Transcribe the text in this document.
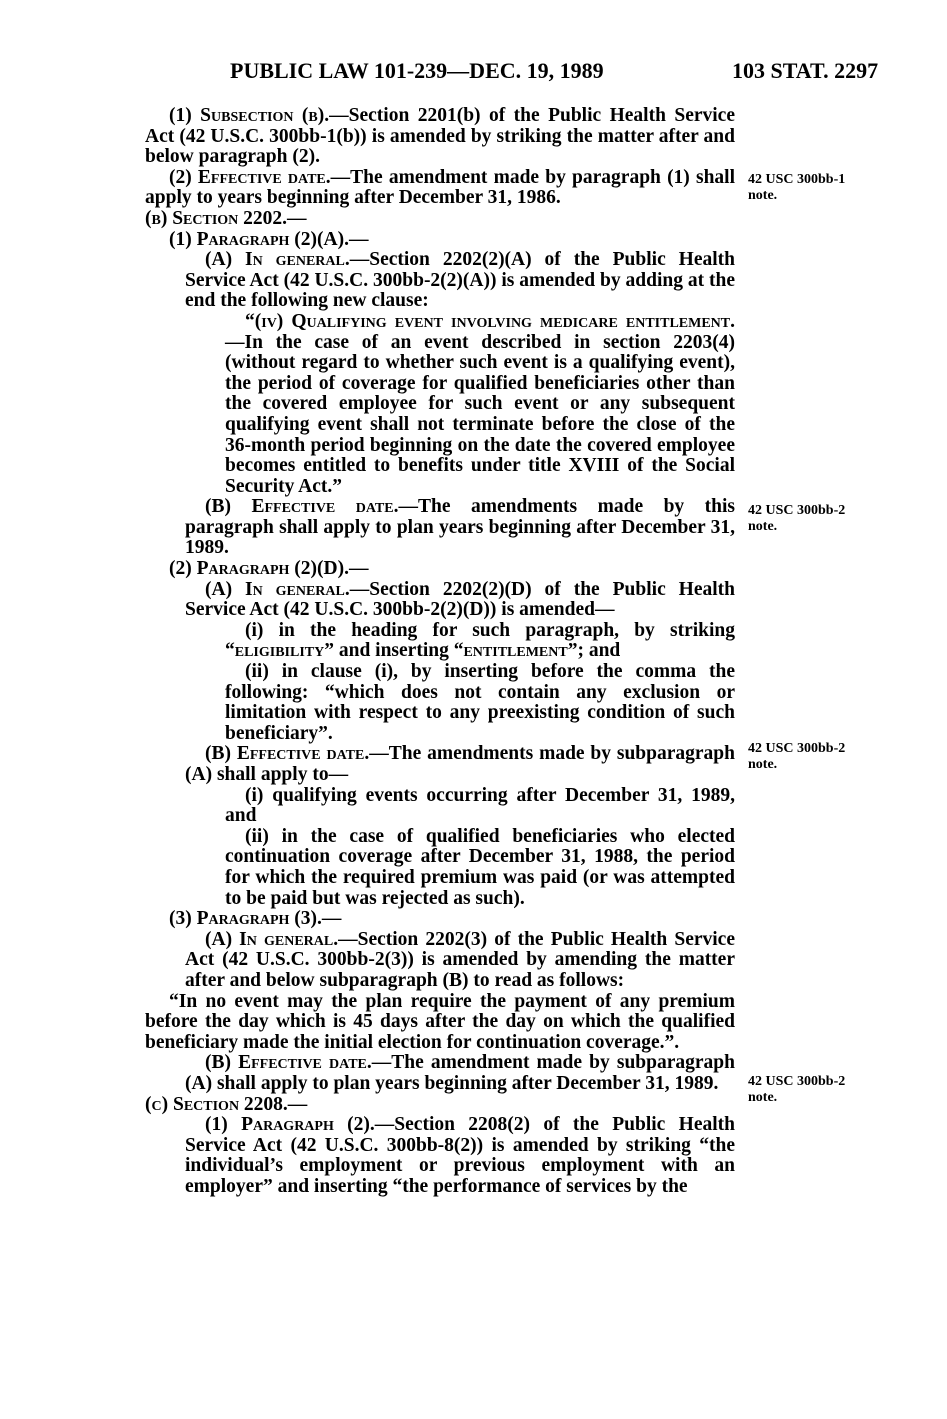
PUBLIC LAW 101-239—DEC. 19, 1989	103 STAT. 2297

(1) Subsection (b).—Section 2201(b) of the Public Health Service Act (42 U.S.C. 300bb-1(b)) is amended by striking the matter after and below paragraph (2).

(2) Effective date.—The amendment made by paragraph (1) shall apply to years beginning after December 31, 1986.

(b) Section 2202.—

(1) Paragraph (2)(A).—

(A) In general.—Section 2202(2)(A) of the Public Health Service Act (42 U.S.C. 300bb-2(2)(A)) is amended by adding at the end the following new clause:

“(iv) Qualifying event involving medicare entitlement.—In the case of an event described in section 2203(4) (without regard to whether such event is a qualifying event), the period of coverage for qualified beneficiaries other than the covered employee for such event or any subsequent qualifying event shall not terminate before the close of the 36-month period beginning on the date the covered employee becomes entitled to benefits under title XVIII of the Social Security Act.”

(B) Effective date.—The amendments made by this paragraph shall apply to plan years beginning after December 31, 1989.

(2) Paragraph (2)(D).—

(A) In general.—Section 2202(2)(D) of the Public Health Service Act (42 U.S.C. 300bb-2(2)(D)) is amended—

(i) in the heading for such paragraph, by striking “eligibility” and inserting “entitlement”; and

(ii) in clause (i), by inserting before the comma the following: “which does not contain any exclusion or limitation with respect to any preexisting condition of such beneficiary”.

(B) Effective date.—The amendments made by subparagraph (A) shall apply to—

(i) qualifying events occurring after December 31, 1989, and

(ii) in the case of qualified beneficiaries who elected continuation coverage after December 31, 1988, the period for which the required premium was paid (or was attempted to be paid but was rejected as such).

(3) Paragraph (3).—

(A) In general.—Section 2202(3) of the Public Health Service Act (42 U.S.C. 300bb-2(3)) is amended by amending the matter after and below subparagraph (B) to read as follows:

“In no event may the plan require the payment of any premium before the day which is 45 days after the day on which the qualified beneficiary made the initial election for continuation coverage.”.

(B) Effective date.—The amendment made by subparagraph (A) shall apply to plan years beginning after December 31, 1989.

(c) Section 2208.—

(1) Paragraph (2).—Section 2208(2) of the Public Health Service Act (42 U.S.C. 300bb-8(2)) is amended by striking “the individual’s employment or previous employment with an employer” and inserting “the performance of services by the

42 USC 300bb-1
note.
42 USC 300bb-2
note.
42 USC 300bb-2
note.
42 USC 300bb-2
note.
